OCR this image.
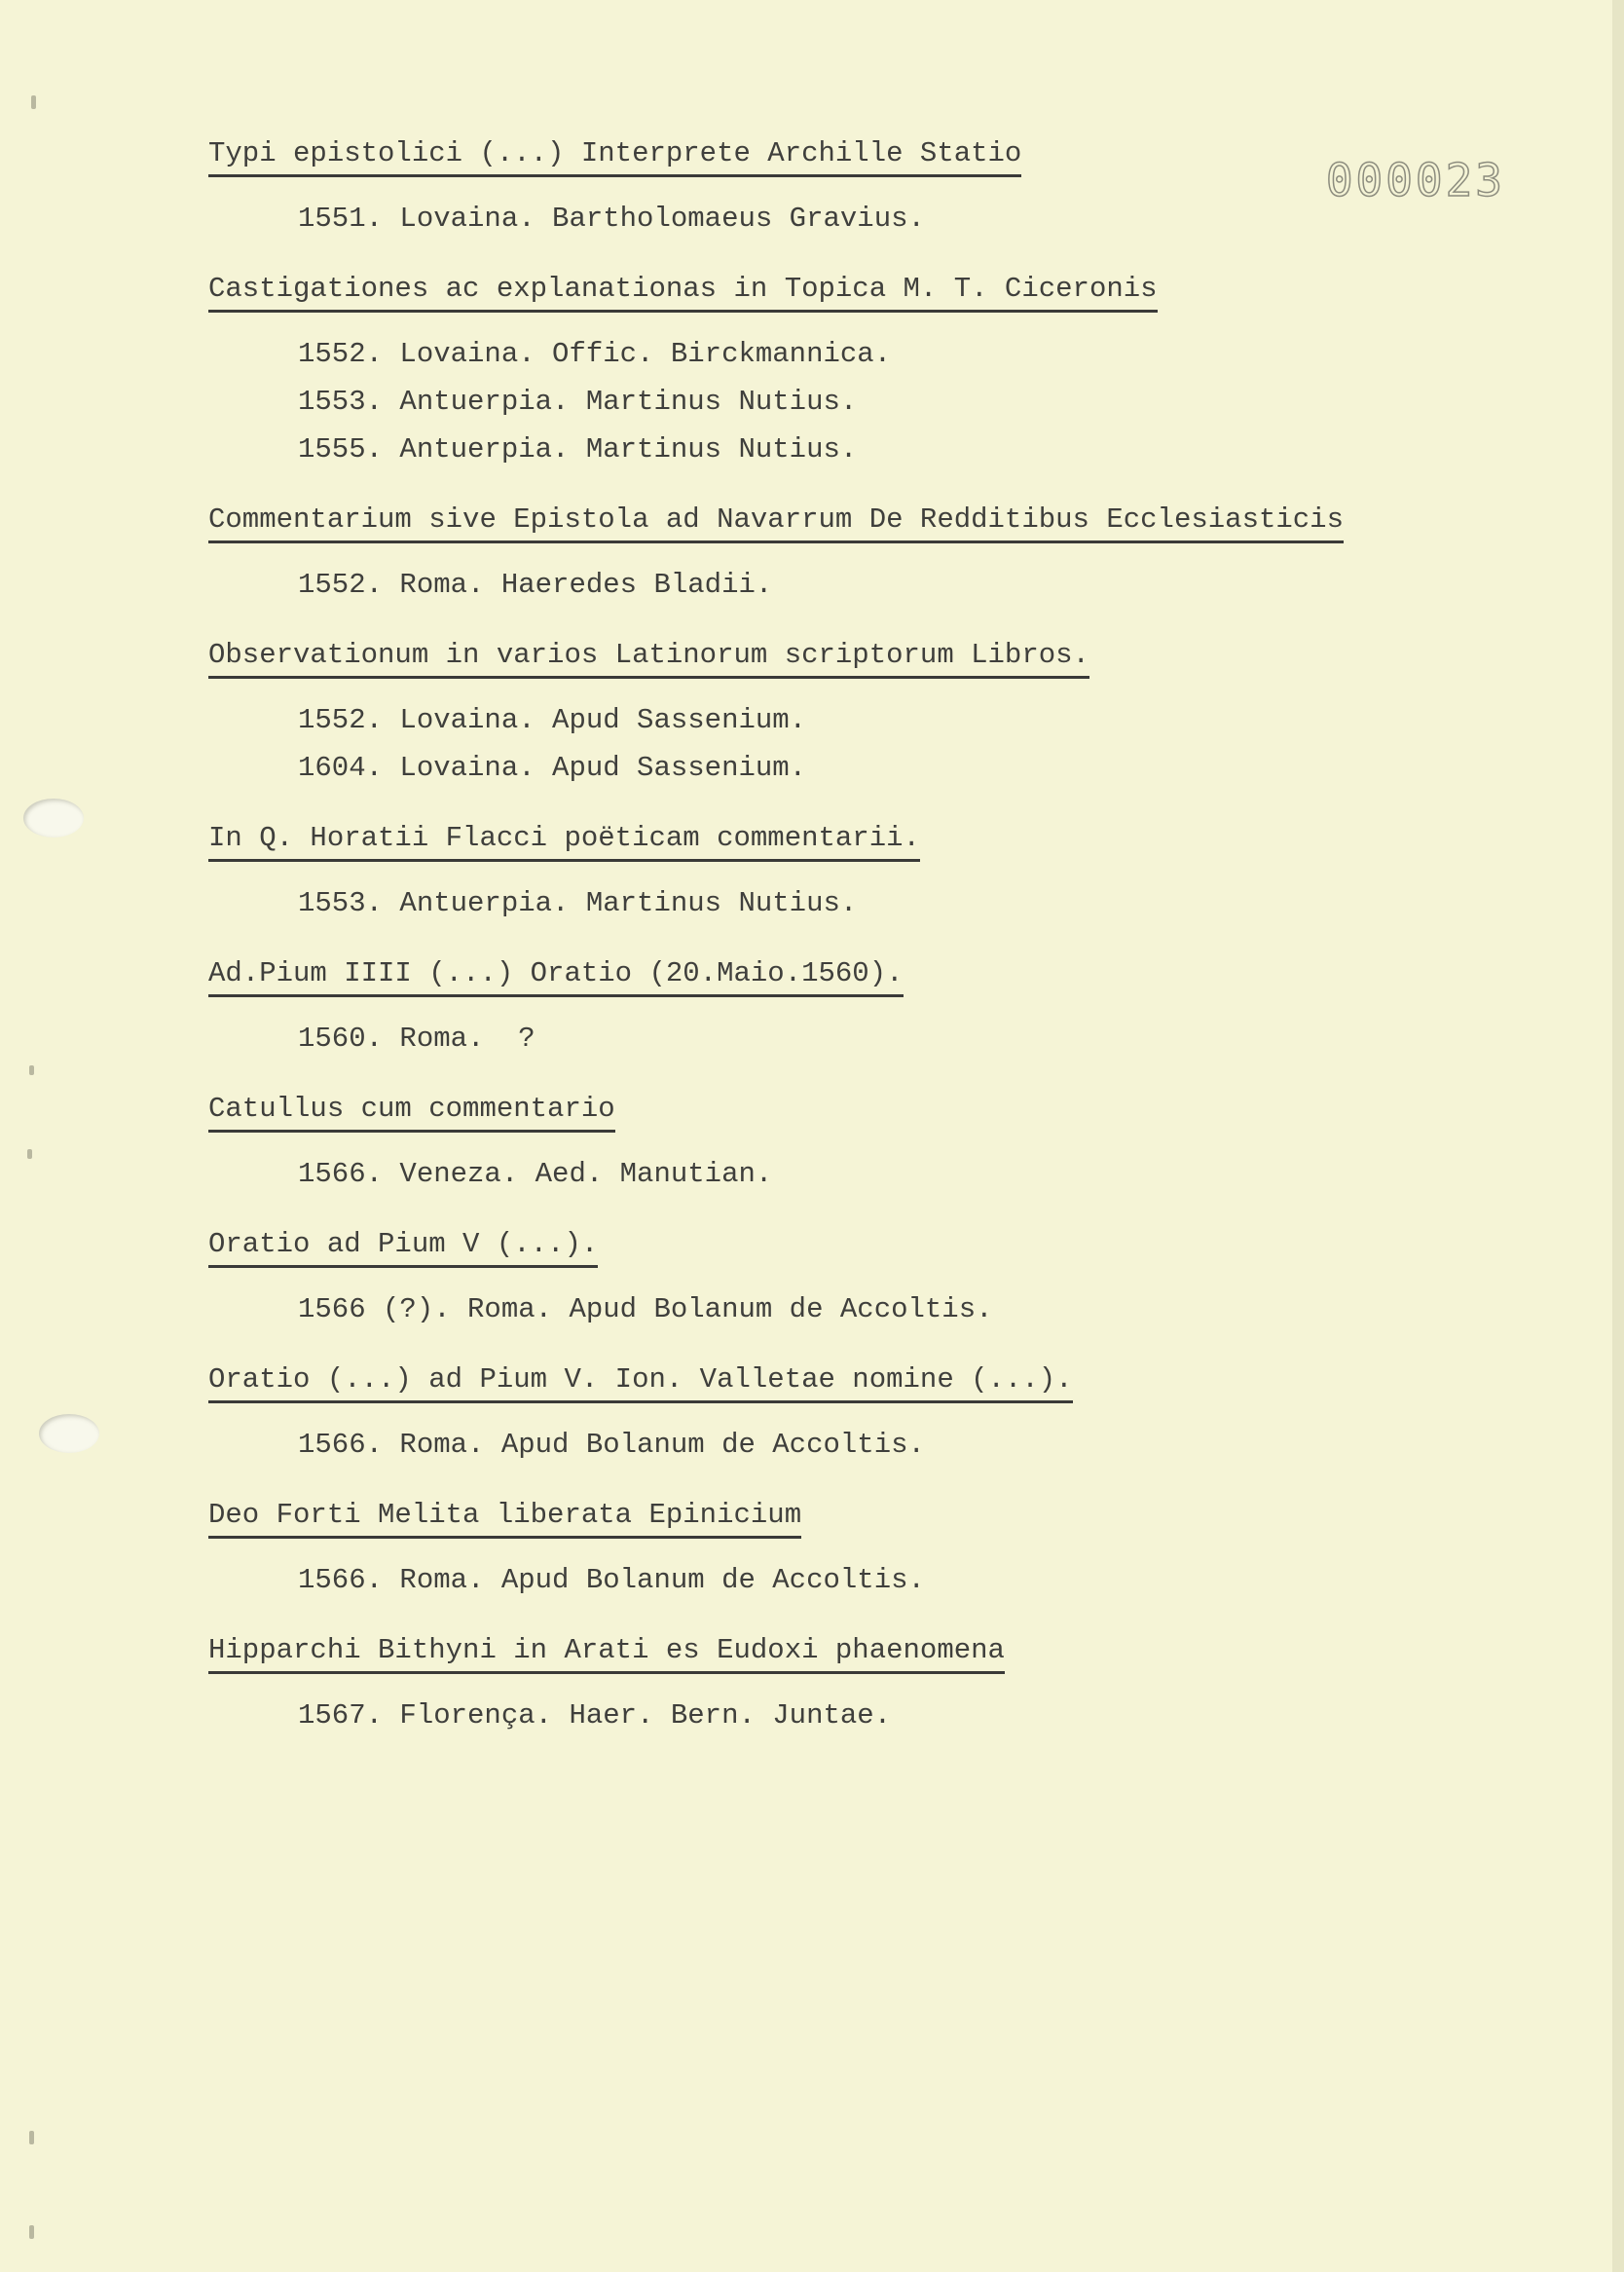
000023
Typi epistolici (...) Interprete Archille Statio
1551. Lovaina. Bartholomaeus Gravius.
Castigationes ac explanationas in Topica M. T. Ciceronis
1552. Lovaina. Offic. Birckmannica.
1553. Antuerpia. Martinus Nutius.
1555. Antuerpia. Martinus Nutius.
Commentarium sive Epistola ad Navarrum De Redditibus Ecclesiasticis
1552. Roma. Haeredes Bladii.
Observationum in varios Latinorum scriptorum Libros.
1552. Lovaina. Apud Sassenium.
1604. Lovaina. Apud Sassenium.
In Q. Horatii Flacci poëticam commentarii.
1553. Antuerpia. Martinus Nutius.
Ad.Pium IIII (...) Oratio (20.Maio.1560).
1560. Roma.  ?
Catullus cum commentario
1566. Veneza. Aed. Manutian.
Oratio ad Pium V (...).
1566 (?). Roma. Apud Bolanum de Accoltis.
Oratio (...) ad Pium V. Ion. Valletae nomine (...).
1566. Roma. Apud Bolanum de Accoltis.
Deo Forti Melita liberata Epinicium
1566. Roma. Apud Bolanum de Accoltis.
Hipparchi Bithyni in Arati es Eudoxi phaenomena
1567. Florença. Haer. Bern. Juntae.
